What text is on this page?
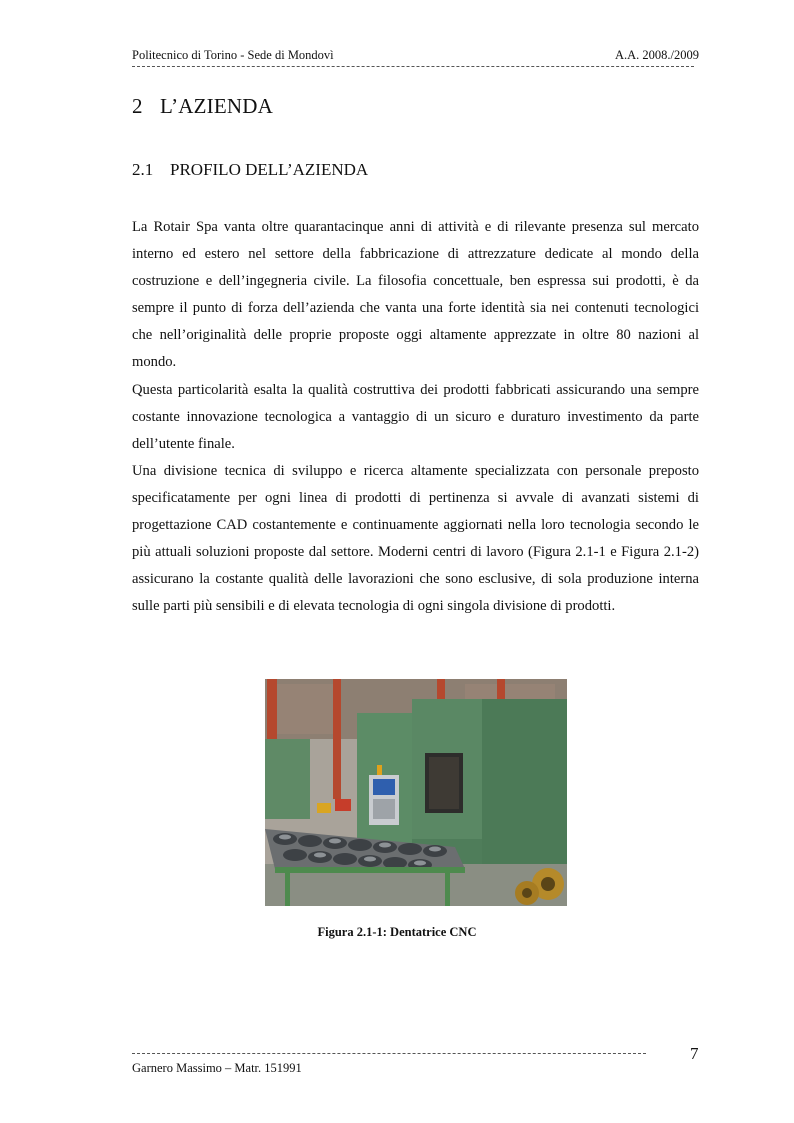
Politecnico di Torino - Sede di Mondovì	A.A. 2008./2009
2 L’AZIENDA
2.1 PROFILO DELL’AZIENDA

La Rotair Spa vanta oltre quarantacinque anni di attività e di rilevante presenza sul mercato interno ed estero nel settore della fabbricazione di attrezzature dedicate al mondo della costruzione e dell’ingegneria civile. La filosofia concettuale, ben espressa sui prodotti, è da sempre il punto di forza dell’azienda che vanta una forte identità sia nei contenuti tecnologici che nell’originalità delle proprie proposte oggi altamente apprezzate in oltre 80 nazioni al mondo.

Questa particolarità esalta la qualità costruttiva dei prodotti fabbricati assicurando una sempre costante innovazione tecnologica a vantaggio di un sicuro e duraturo investimento da parte dell’utente finale.

Una divisione tecnica di sviluppo e ricerca altamente specializzata con personale preposto specificatamente per ogni linea di prodotti di pertinenza si avvale di avanzati sistemi di progettazione CAD costantemente e continuamente aggiornati nella loro tecnologia secondo le più attuali soluzioni proposte dal settore. Moderni centri di lavoro (Figura 2.1-1 e Figura 2.1-2) assicurano la costante qualità delle lavorazioni che sono esclusive, di sola produzione interna sulle parti più sensibili e di elevata tecnologia di ogni singola divisione di prodotti.

Figura 2.1-1: Dentatrice CNC
Garnero Massimo – Matr. 151991
7
